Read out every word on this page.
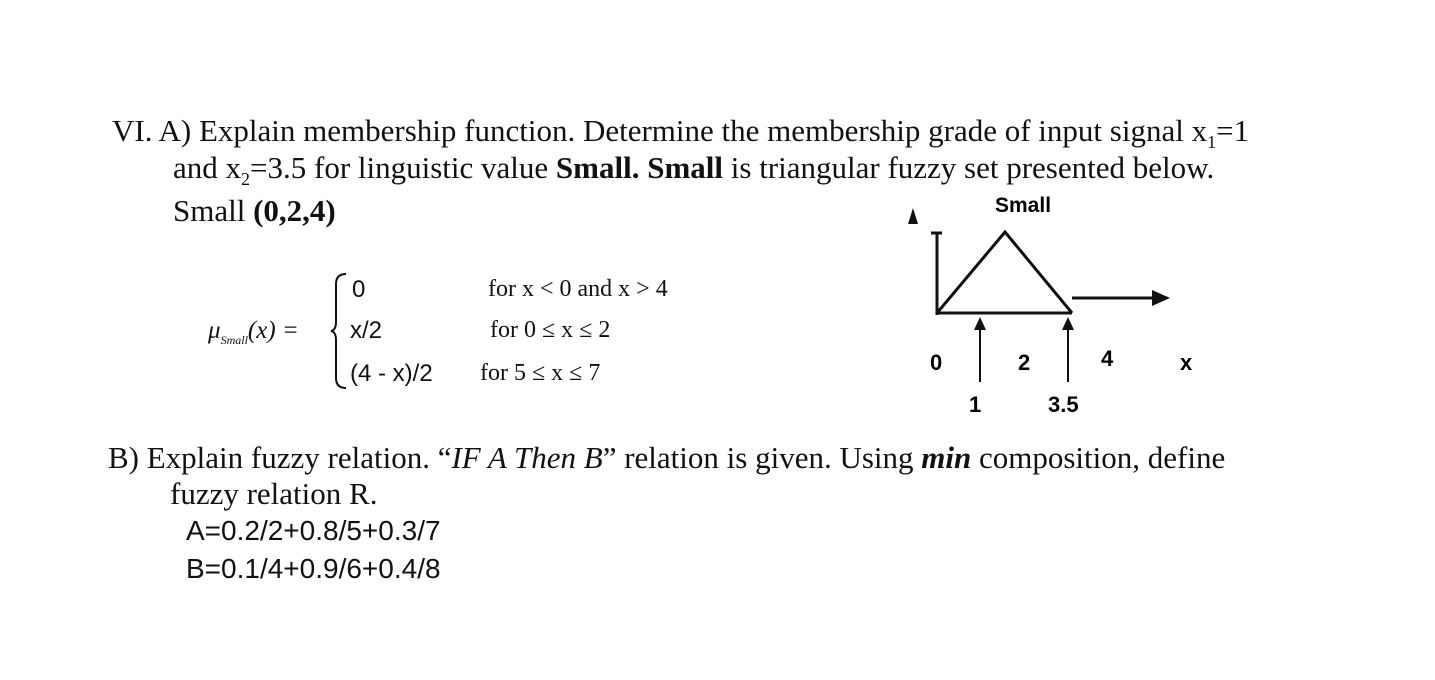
VI. A) Explain membership function. Determine the membership grade of input signal $x_1=1$
and $x_2=3.5$ for linguistic value Small. Small is triangular fuzzy set presented below.
Small (0,2,4)
$\mu_{Small}(x)$ =
0	for x < 0 and x > 4
x/2	for 0 ≤ x ≤ 2
(4 - x)/2 for 5 ≤ x ≤ 7
Small
0	2	4	x
1	3.5
B) Explain fuzzy relation. “IF A Then B” relation is given. Using min composition, define
fuzzy relation R.
A=0.2/2+0.8/5+0.3/7
B=0.1/4+0.9/6+0.4/8
